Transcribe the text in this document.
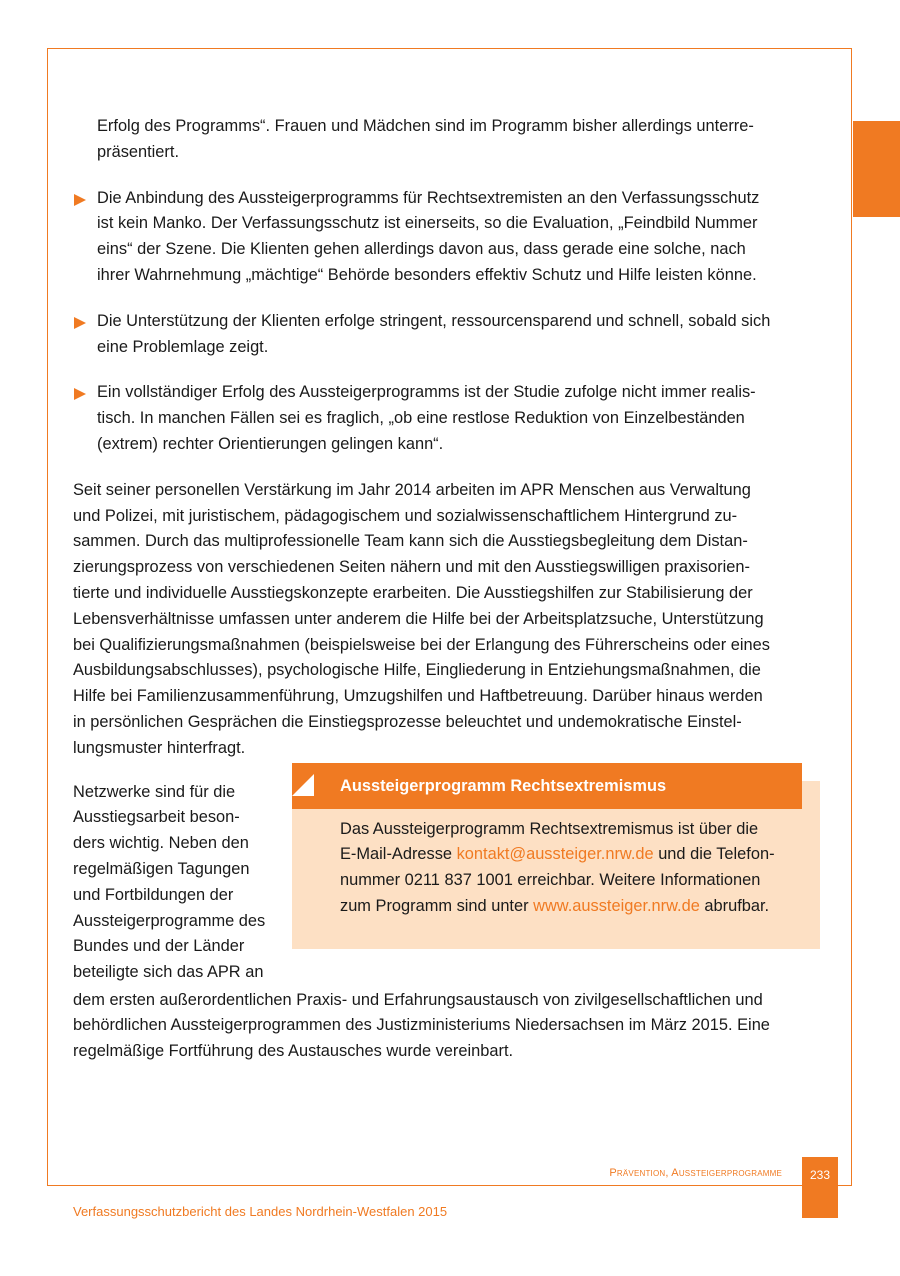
Erfolg des Programms“. Frauen und Mädchen sind im Programm bisher allerdings unterre-
präsentiert.
Die Anbindung des Aussteigerprogramms für Rechtsextremisten an den Verfassungsschutz
ist kein Manko. Der Verfassungsschutz ist einerseits, so die Evaluation, „Feindbild Nummer
eins“ der Szene. Die Klienten gehen allerdings davon aus, dass gerade eine solche, nach
ihrer Wahrnehmung „mächtige“ Behörde besonders effektiv Schutz und Hilfe leisten könne.
Die Unterstützung der Klienten erfolge stringent, ressourcensparend und schnell, sobald sich
eine Problemlage zeigt.
Ein vollständiger Erfolg des Aussteigerprogramms ist der Studie zufolge nicht immer realis-
tisch. In manchen Fällen sei es fraglich, „ob eine restlose Reduktion von Einzelbeständen
(extrem) rechter Orientierungen gelingen kann“.
Seit seiner personellen Verstärkung im Jahr 2014 arbeiten im APR Menschen aus Verwaltung
und Polizei, mit juristischem, pädagogischem und sozialwissenschaftlichem Hintergrund zu-
sammen. Durch das multiprofessionelle Team kann sich die Ausstiegsbegleitung dem Distan-
zierungsprozess von verschiedenen Seiten nähern und mit den Ausstiegswilligen praxisorien-
tierte und individuelle Ausstiegskonzepte erarbeiten. Die Ausstiegshilfen zur Stabilisierung der
Lebensverhältnisse umfassen unter anderem die Hilfe bei der Arbeitsplatzsuche, Unterstützung
bei Qualifizierungsmaßnahmen (beispielsweise bei der Erlangung des Führerscheins oder eines
Ausbildungsabschlusses), psychologische Hilfe, Eingliederung in Entziehungsmaßnahmen, die
Hilfe bei Familienzusammenführung, Umzugshilfen und Haftbetreuung. Darüber hinaus werden
in persönlichen Gesprächen die Einstiegsprozesse beleuchtet und undemokratische Einstel-
lungsmuster hinterfragt.
Netzwerke sind für die
Ausstiegsarbeit beson-
ders wichtig. Neben den
regelmäßigen Tagungen
und Fortbildungen der
Aussteigerprogramme des
Bundes und der Länder
beteiligte sich das APR an
Aussteigerprogramm Rechtsextremismus
Das Aussteigerprogramm Rechtsextremismus ist über die
E-Mail-Adresse kontakt@aussteiger.nrw.de und die Telefon-
nummer 0211 837 1001 erreichbar. Weitere Informationen
zum Programm sind unter www.aussteiger.nrw.de abrufbar.
dem ersten außerordentlichen Praxis- und Erfahrungsaustausch von zivilgesellschaftlichen und
behördlichen Aussteigerprogrammen des Justizministeriums Niedersachsen im März 2015. Eine
regelmäßige Fortführung des Austausches wurde vereinbart.
Prävention, Aussteigerprogramme	233
Verfassungsschutzbericht des Landes Nordrhein-Westfalen 2015
